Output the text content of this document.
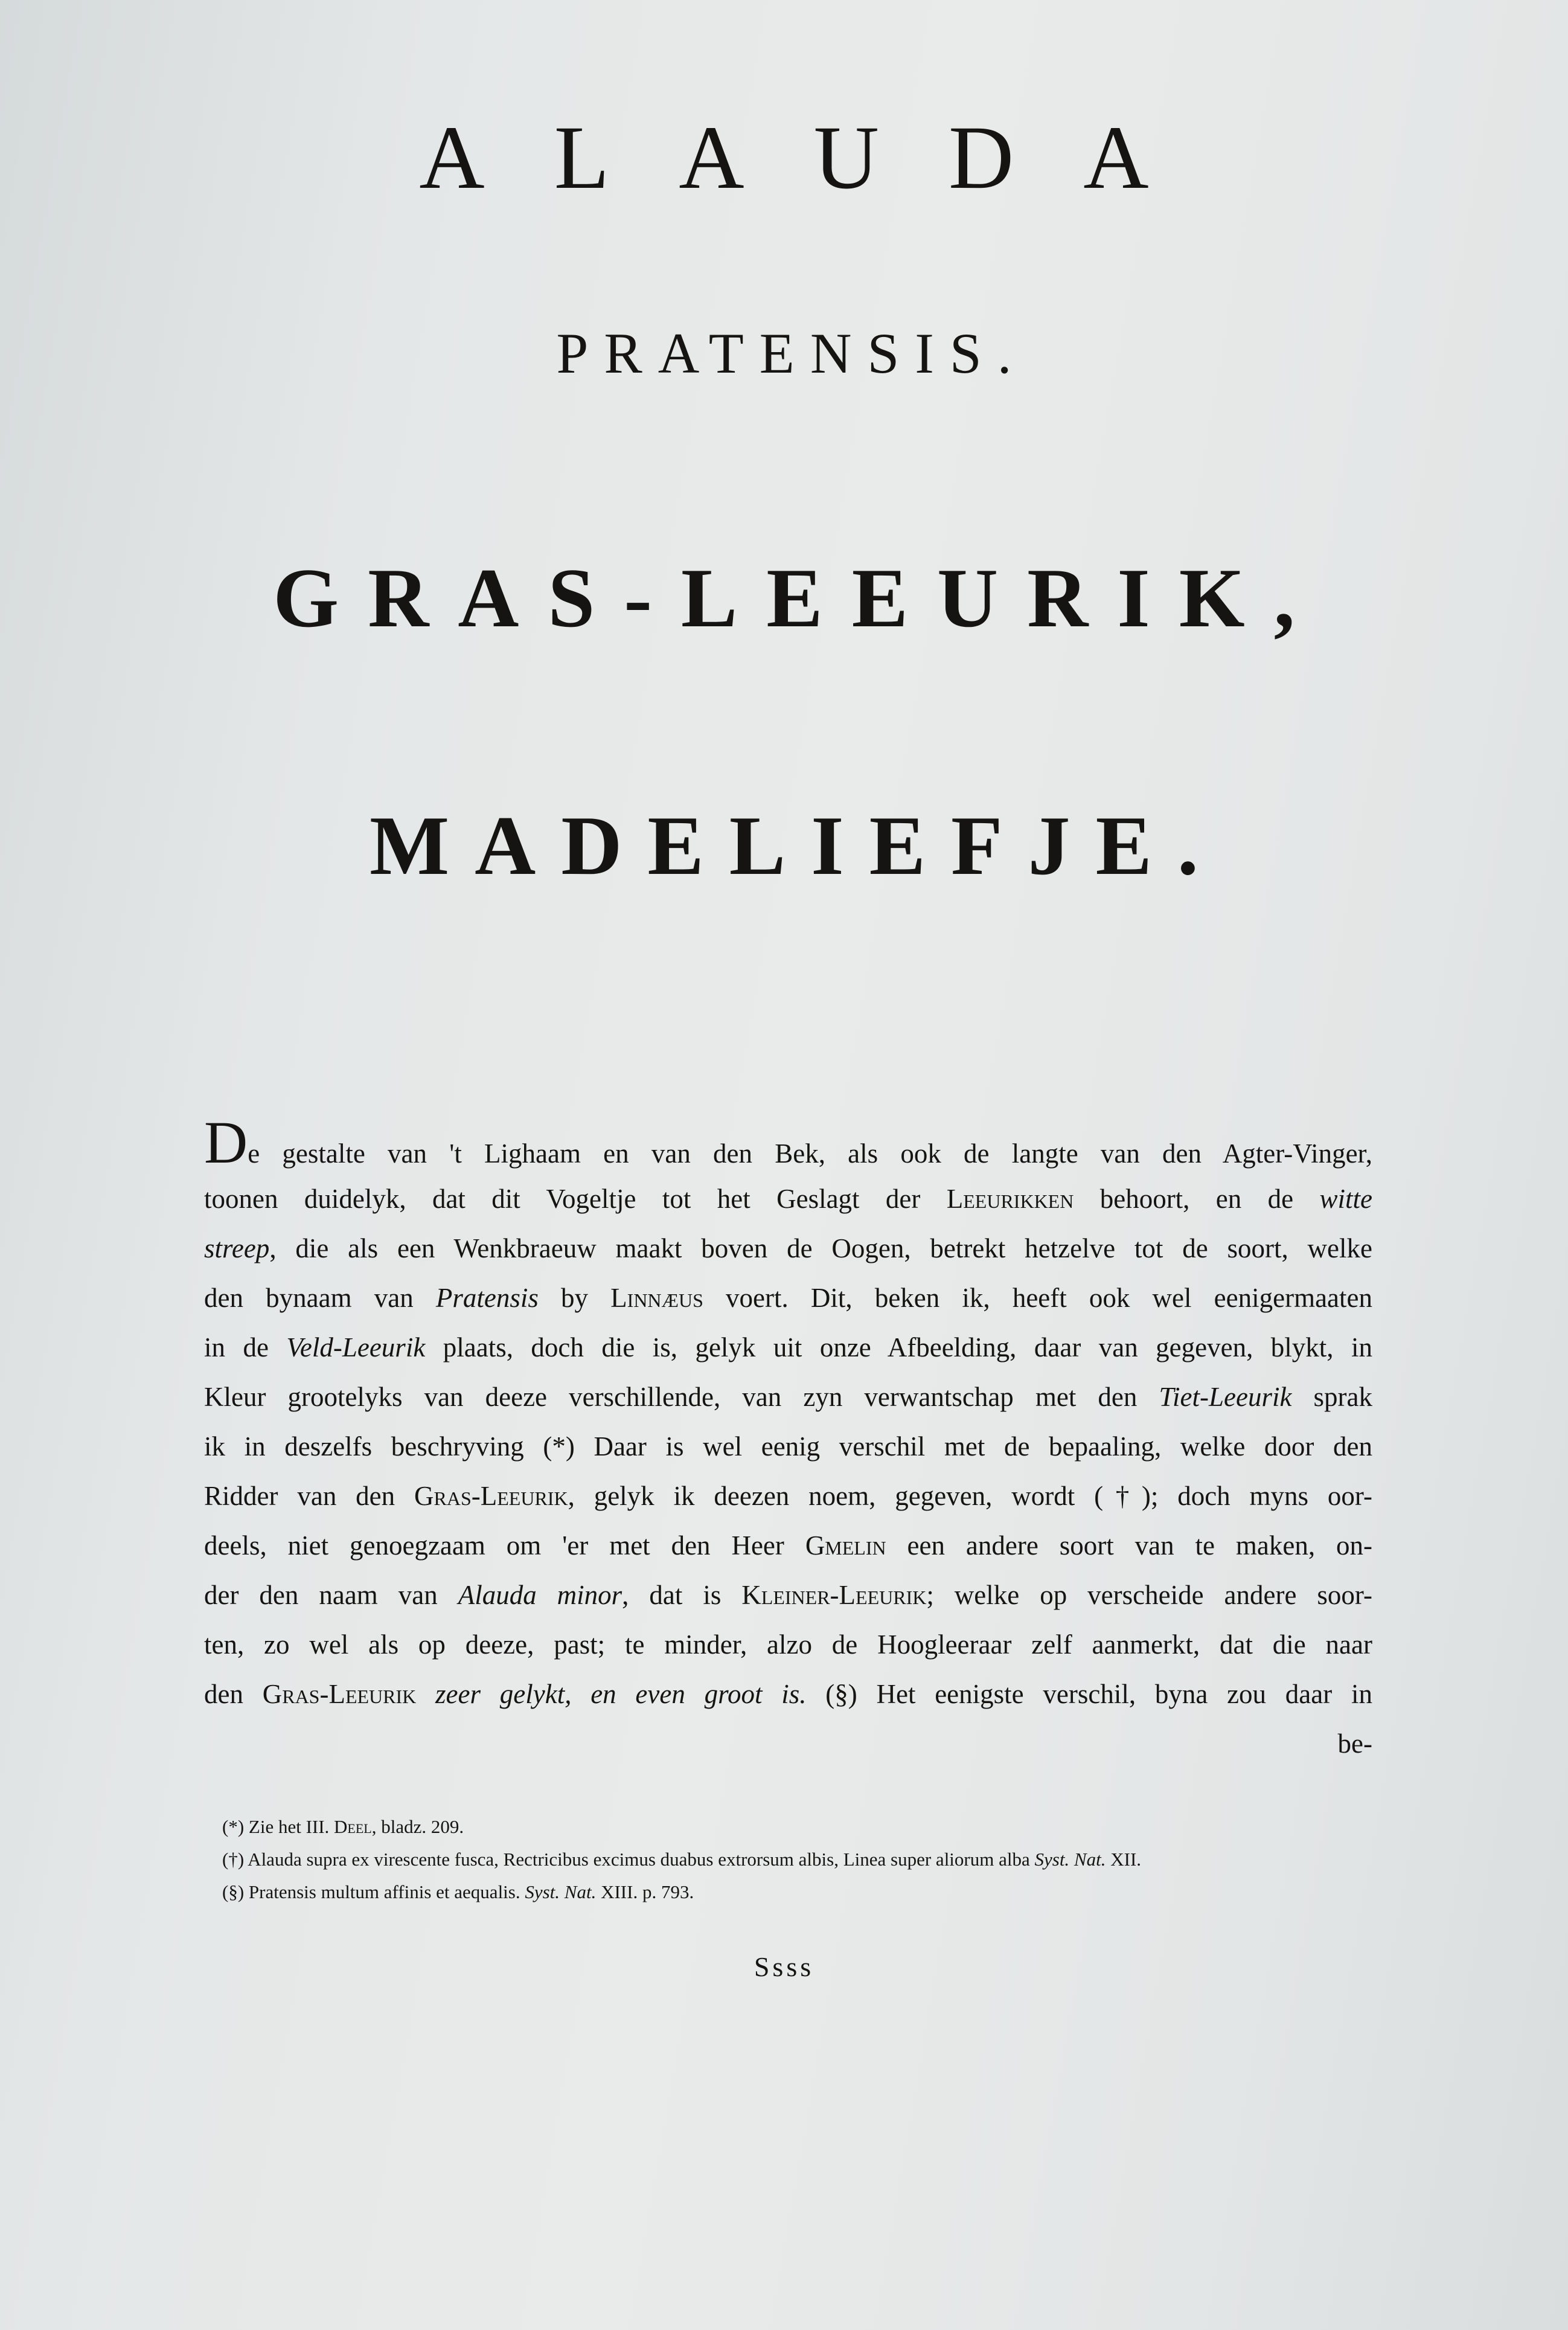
ALAUDA
PRATENSIS.
GRAS-LEEURIK,
MADELIEFJE.
De gestalte van 't Lighaam en van den Bek, als ook de langte van den Agter-Vinger,
toonen duidelyk, dat dit Vogeltje tot het Geslagt der Leeurikken behoort, en de witte
streep, die als een Wenkbraeuw maakt boven de Oogen, betrekt hetzelve tot de soort, welke
den bynaam van Pratensis by Linnæus voert. Dit, beken ik, heeft ook wel eenigermaaten
in de Veld-Leeurik plaats, doch die is, gelyk uit onze Afbeelding, daar van gegeven, blykt, in
Kleur grootelyks van deeze verschillende, van zyn verwantschap met den Tiet-Leeurik sprak
ik in deszelfs beschryving (*) Daar is wel eenig verschil met de bepaaling, welke door den
Ridder van den Gras-Leeurik, gelyk ik deezen noem, gegeven, wordt (†); doch myns oor-
deels, niet genoegzaam om 'er met den Heer Gmelin een andere soort van te maken, on-
der den naam van Alauda minor, dat is Kleiner-Leeurik; welke op verscheide andere soor-
ten, zo wel als op deeze, past; te minder, alzo de Hoogleeraar zelf aanmerkt, dat die naar
den Gras-Leeurik zeer gelykt, en even groot is. (§) Het eenigste verschil, byna zou daar in
be-
(*) Zie het III. Deel, bladz. 209.
(†) Alauda supra ex virescente fusca, Rectricibus excimus duabus extrorsum albis, Linea super aliorum alba Syst. Nat. XII.
(§) Pratensis multum affinis et aequalis. Syst. Nat. XIII. p. 793.
Ssss
